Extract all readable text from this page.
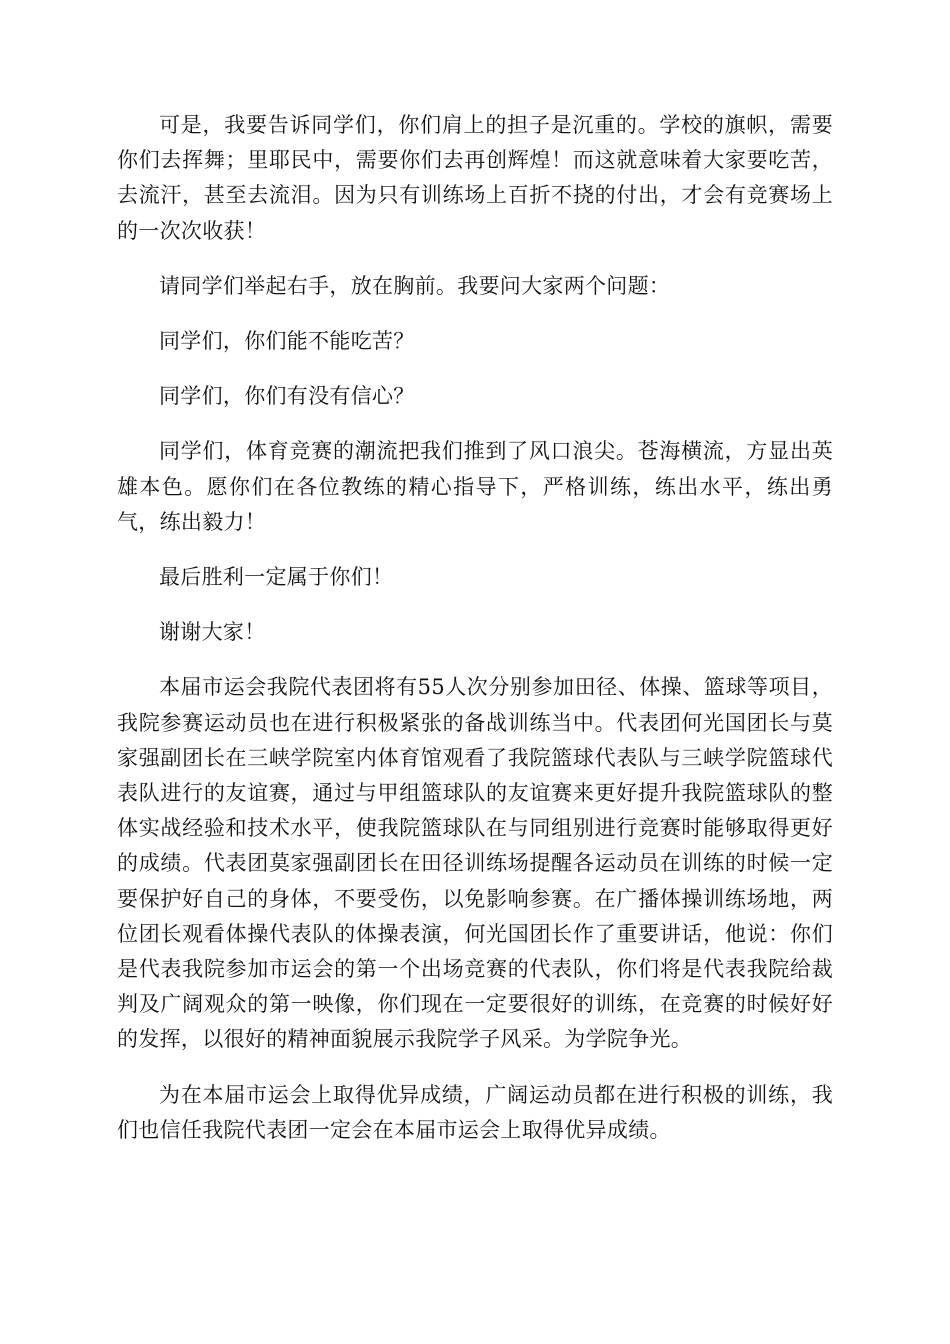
可是，我要告诉同学们，你们肩上的担子是沉重的。学校的旗帜，需要你们去挥舞；里耶民中，需要你们去再创辉煌！而这就意味着大家要吃苦，去流汗，甚至去流泪。因为只有训练场上百折不挠的付出，才会有竞赛场上的一次次收获！

请同学们举起右手，放在胸前。我要问大家两个问题：

同学们，你们能不能吃苦？

同学们，你们有没有信心？

同学们，体育竞赛的潮流把我们推到了风口浪尖。苍海横流，方显出英雄本色。愿你们在各位教练的精心指导下，严格训练，练出水平，练出勇气，练出毅力！

最后胜利一定属于你们！

谢谢大家！

本届市运会我院代表团将有55人次分别参加田径、体操、篮球等项目，我院参赛运动员也在进行积极紧张的备战训练当中。代表团何光国团长与莫家强副团长在三峡学院室内体育馆观看了我院篮球代表队与三峡学院篮球代表队进行的友谊赛，通过与甲组篮球队的友谊赛来更好提升我院篮球队的整体实战经验和技术水平，使我院篮球队在与同组别进行竞赛时能够取得更好的成绩。代表团莫家强副团长在田径训练场提醒各运动员在训练的时候一定要保护好自己的身体，不要受伤，以免影响参赛。在广播体操训练场地，两位团长观看体操代表队的体操表演，何光国团长作了重要讲话，他说：你们是代表我院参加市运会的第一个出场竞赛的代表队，你们将是代表我院给裁判及广阔观众的第一映像，你们现在一定要很好的训练，在竞赛的时候好好的发挥，以很好的精神面貌展示我院学子风采。为学院争光。

为在本届市运会上取得优异成绩，广阔运动员都在进行积极的训练，我们也信任我院代表团一定会在本届市运会上取得优异成绩。
